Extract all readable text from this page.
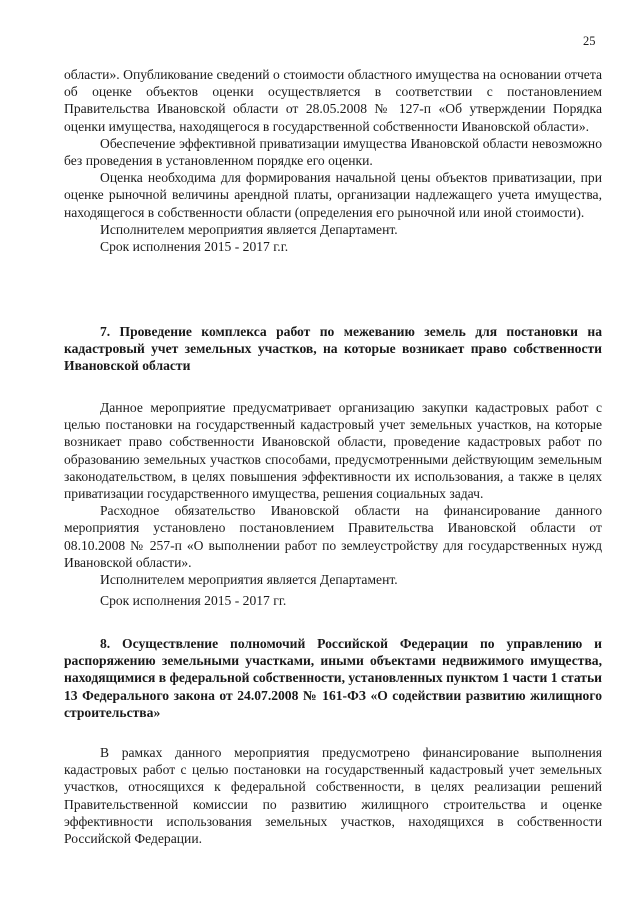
25

области». Опубликование сведений о стоимости областного имущества на основании отчета об оценке объектов оценки осуществляется в соответствии с постановлением Правительства Ивановской области от 28.05.2008 № 127-п «Об утверждении Порядка оценки имущества, находящегося в государственной собственности Ивановской области».

Обеспечение эффективной приватизации имущества Ивановской области невозможно без проведения в установленном порядке его оценки.

Оценка необходима для формирования начальной цены объектов приватизации, при оценке рыночной величины арендной платы, организации надлежащего учета имущества, находящегося в собственности области (определения его рыночной или иной стоимости).

Исполнителем мероприятия является Департамент.

Срок исполнения 2015 - 2017 г.г.

7. Проведение комплекса работ по межеванию земель для постановки на кадастровый учет земельных участков, на которые возникает право собственности Ивановской области

Данное мероприятие предусматривает организацию закупки кадастровых работ с целью постановки на государственный кадастровый учет земельных участков, на которые возникает право собственности Ивановской области, проведение кадастровых работ по образованию земельных участков способами, предусмотренными действующим земельным законодательством, в целях повышения эффективности их использования, а также в целях приватизации государственного имущества, решения социальных задач.

Расходное обязательство Ивановской области на финансирование данного мероприятия установлено постановлением Правительства Ивановской области от 08.10.2008 № 257-п «О выполнении работ по землеустройству для государственных нужд Ивановской области».

Исполнителем мероприятия является Департамент.

Срок исполнения 2015 - 2017 гг.

8. Осуществление полномочий Российской Федерации по управлению и распоряжению земельными участками, иными объектами недвижимого имущества, находящимися в федеральной собственности, установленных пунктом 1 части 1 статьи 13 Федерального закона от 24.07.2008 № 161-ФЗ «О содействии развитию жилищного строительства»

В рамках данного мероприятия предусмотрено финансирование выполнения кадастровых работ с целью постановки на государственный кадастровый учет земельных участков, относящихся к федеральной собственности, в целях реализации решений Правительственной комиссии по развитию жилищного строительства и оценке эффективности использования земельных участков, находящихся в собственности Российской Федерации.
